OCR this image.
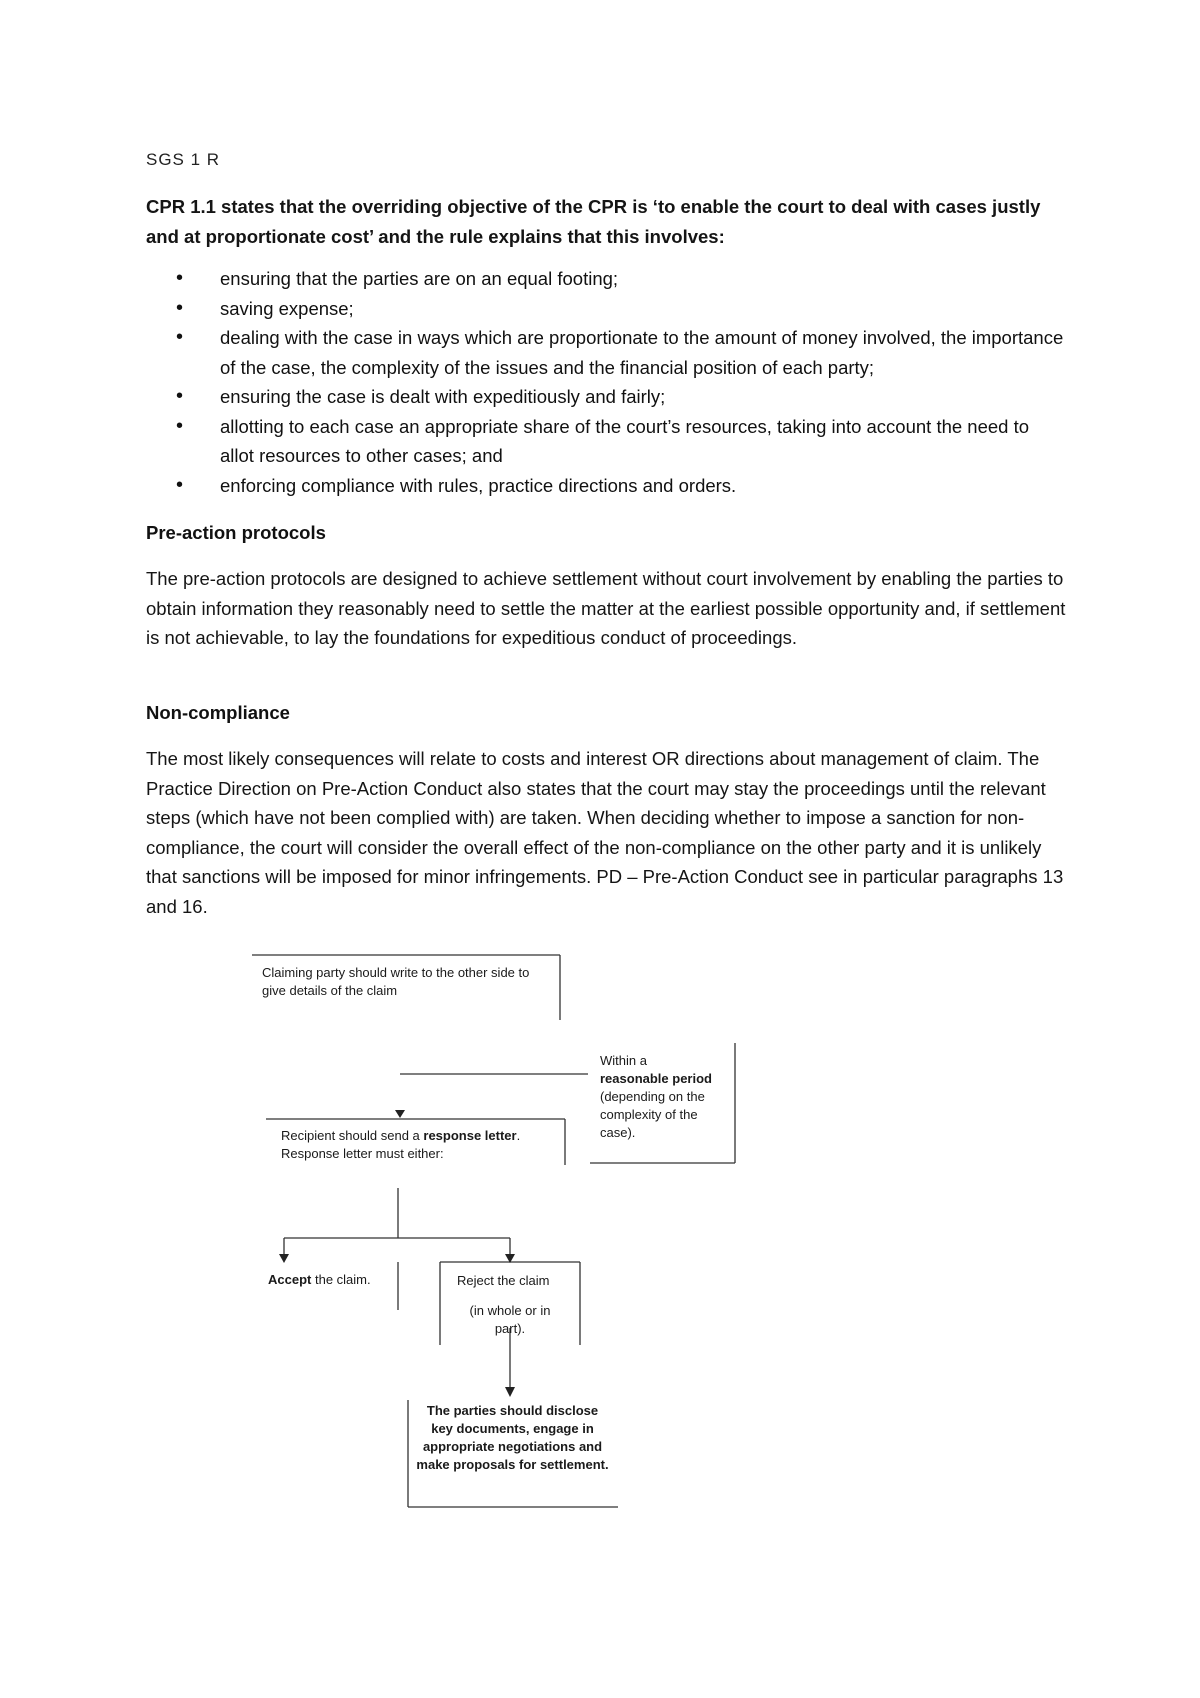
SGS 1 R
CPR 1.1 states that the overriding objective of the CPR is ‘to enable the court to deal with cases justly and at proportionate cost’ and the rule explains that this involves:
• ensuring that the parties are on an equal footing;
• saving expense;
• dealing with the case in ways which are proportionate to the amount of money involved, the importance of the case, the complexity of the issues and the financial position of each party;
• ensuring the case is dealt with expeditiously and fairly;
• allotting to each case an appropriate share of the court’s resources, taking into account the need to allot resources to other cases; and
• enforcing compliance with rules, practice directions and orders.
Pre-action protocols
The pre-action protocols are designed to achieve settlement without court involvement by enabling the parties to obtain information they reasonably need to settle the matter at the earliest possible opportunity and, if settlement is not achievable, to lay the foundations for expeditious conduct of proceedings.
Non-compliance
The most likely consequences will relate to costs and interest OR directions about management of claim. The Practice Direction on Pre-Action Conduct also states that the court may stay the proceedings until the relevant steps (which have not been complied with) are taken. When deciding whether to impose a sanction for non-compliance, the court will consider the overall effect of the non-compliance on the other party and it is unlikely that sanctions will be imposed for minor infringements. PD – Pre-Action Conduct see in particular paragraphs 13 and 16.
Claiming party should write to the other side to give details of the claim
Within a
reasonable period (depending on the complexity of the case).
Recipient should send a response letter.
Response letter must either:
Accept the claim.	Reject the claim
(in whole or in part).
The parties should disclose key documents, engage in appropriate negotiations and make proposals for settlement.
